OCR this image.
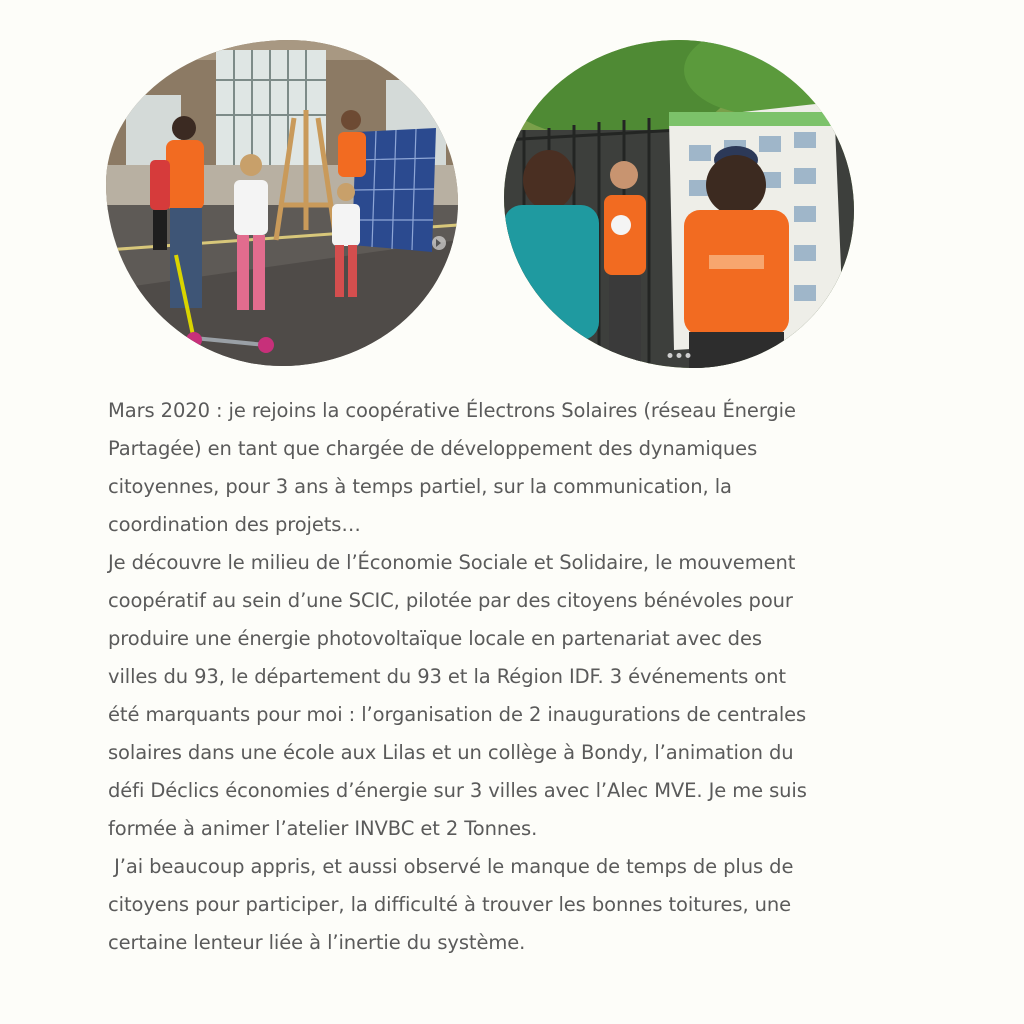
Mars 2020 : je rejoins la coopérative Électrons Solaires (réseau Énergie

Partagée) en tant que chargée de développement des dynamiques

citoyennes, pour 3 ans à temps partiel, sur la communication, la

coordination des projets…

Je découvre le milieu de l’Économie Sociale et Solidaire, le mouvement

coopératif au sein d’une SCIC, pilotée par des citoyens bénévoles pour

produire une énergie photovoltaïque locale en partenariat avec des

villes du 93, le département du 93 et la Région IDF. 3 événements ont

été marquants pour moi : l’organisation de 2 inaugurations de centrales

solaires dans une école aux Lilas et un collège à Bondy, l’animation du

défi Déclics économies d’énergie sur 3 villes avec l’Alec MVE. Je me suis

formée à animer l’atelier INVBC et 2 Tonnes.

J’ai beaucoup appris, et aussi observé le manque de temps de plus de

citoyens pour participer, la difficulté à trouver les bonnes toitures, une

certaine lenteur liée à l’inertie du système.
